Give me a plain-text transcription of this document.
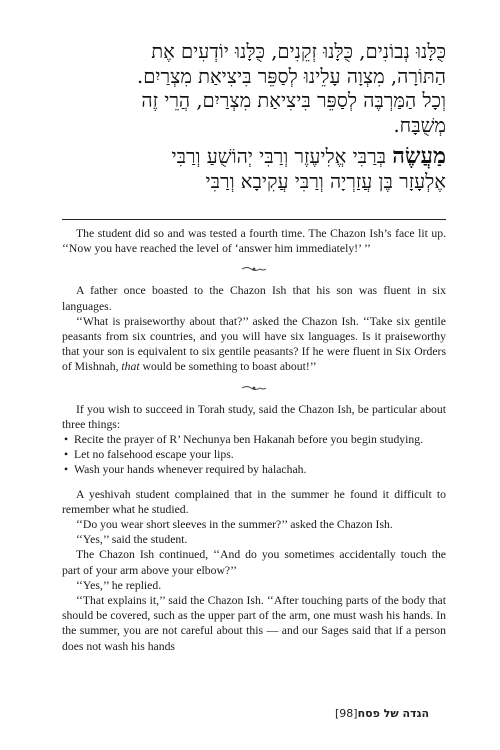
כֻּלָּנוּ נְבוֹנִים, כֻּלָּנוּ זְקֵנִים, כֻּלָּנוּ יוֹדְעִים אֶת

הַתּוֹרָה, מִצְוָה עָלֵינוּ לְסַפֵּר בִּיצִיאַת מִצְרַיִם.

וְכָל הַמַּרְבֶּה לְסַפֵּר בִּיצִיאַת מִצְרַיִם, הֲרֵי זֶה

מְשֻׁבָּח.

מַעֲשֶׂה בְּרַבִּי אֱלִיעֶזֶר וְרַבִּי יְהוֹשֻׁעַ וְרַבִּי

אֶלְעָזָר בֶּן עֲזַרְיָה וְרַבִּי עֲקִיבָא וְרַבִּי

The student did so and was tested a fourth time. The Chazon Ish’s face lit up. ‘‘Now you have reached the level of ‘answer him immediately!’ ’’

A father once boasted to the Chazon Ish that his son was fluent in six languages.

‘‘What is praiseworthy about that?’’ asked the Chazon Ish. ‘‘Take six gentile peasants from six countries, and you will have six languages. Is it praiseworthy that your son is equivalent to six gentile peasants? If he were fluent in Six Orders of Mishnah, that would be something to boast about!’’

If you wish to succeed in Torah study, said the Chazon Ish, be particular about three things:

• Recite the prayer of R’ Nechunya ben Hakanah before you begin studying.

• Let no falsehood escape your lips.

• Wash your hands whenever required by halachah.

A yeshivah student complained that in the summer he found it difficult to remember what he studied.

‘‘Do you wear short sleeves in the summer?’’ asked the Chazon Ish.

‘‘Yes,’’ said the student.

The Chazon Ish continued, ‘‘And do you sometimes accidentally touch the part of your arm above your elbow?’’

‘‘Yes,’’ he replied.

‘‘That explains it,’’ said the Chazon Ish. ‘‘After touching parts of the body that should be covered, such as the upper part of the arm, one must wash his hands. In the summer, you are not careful about this — and our Sages said that if a person does not wash his hands

הגדה של פסח[98]
